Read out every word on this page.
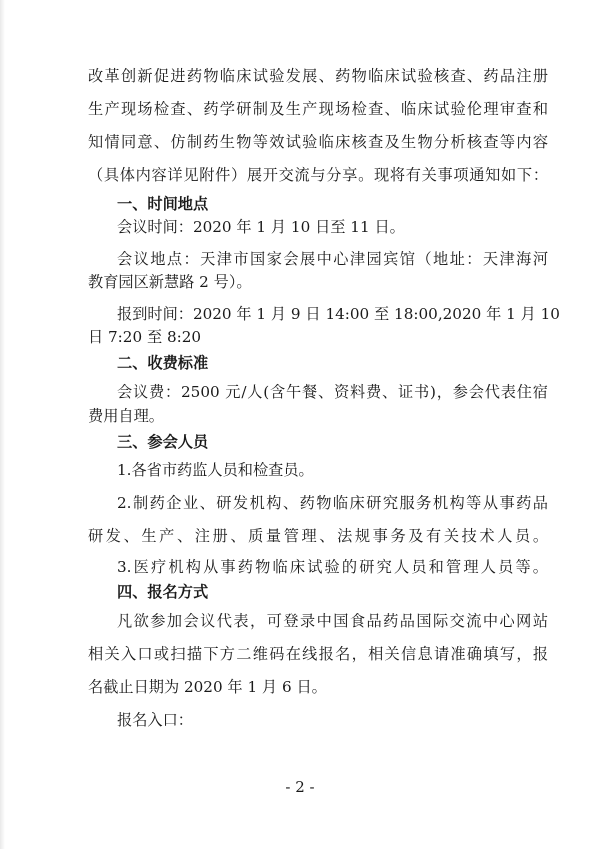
改革创新促进药物临床试验发展、药物临床试验核查、药品注册
生产现场检查、药学研制及生产现场检查、临床试验伦理审查和
知情同意、仿制药生物等效试验临床核查及生物分析核查等内容
（具体内容详见附件）展开交流与分享。现将有关事项通知如下：
一、时间地点
会议时间：2020 年 1 月 10 日至 11 日。
会议地点：天津市国家会展中心津园宾馆（地址：天津海河
教育园区新慧路 2 号）。
报到时间：2020 年 1 月 9 日 14:00 至 18:00,2020 年 1 月 10
日 7:20 至 8:20
二、收费标准
会议费：2500 元/人(含午餐、资料费、证书)，参会代表住宿
费用自理。
三、参会人员
1.各省市药监人员和检查员。
2.制药企业、研发机构、药物临床研究服务机构等从事药品
研发、生产、注册、质量管理、法规事务及有关技术人员。
3.医疗机构从事药物临床试验的研究人员和管理人员等。
四、报名方式
凡欲参加会议代表，可登录中国食品药品国际交流中心网站
相关入口或扫描下方二维码在线报名，相关信息请准确填写，报
名截止日期为 2020 年 1 月 6 日。
报名入口：
- 2 -
